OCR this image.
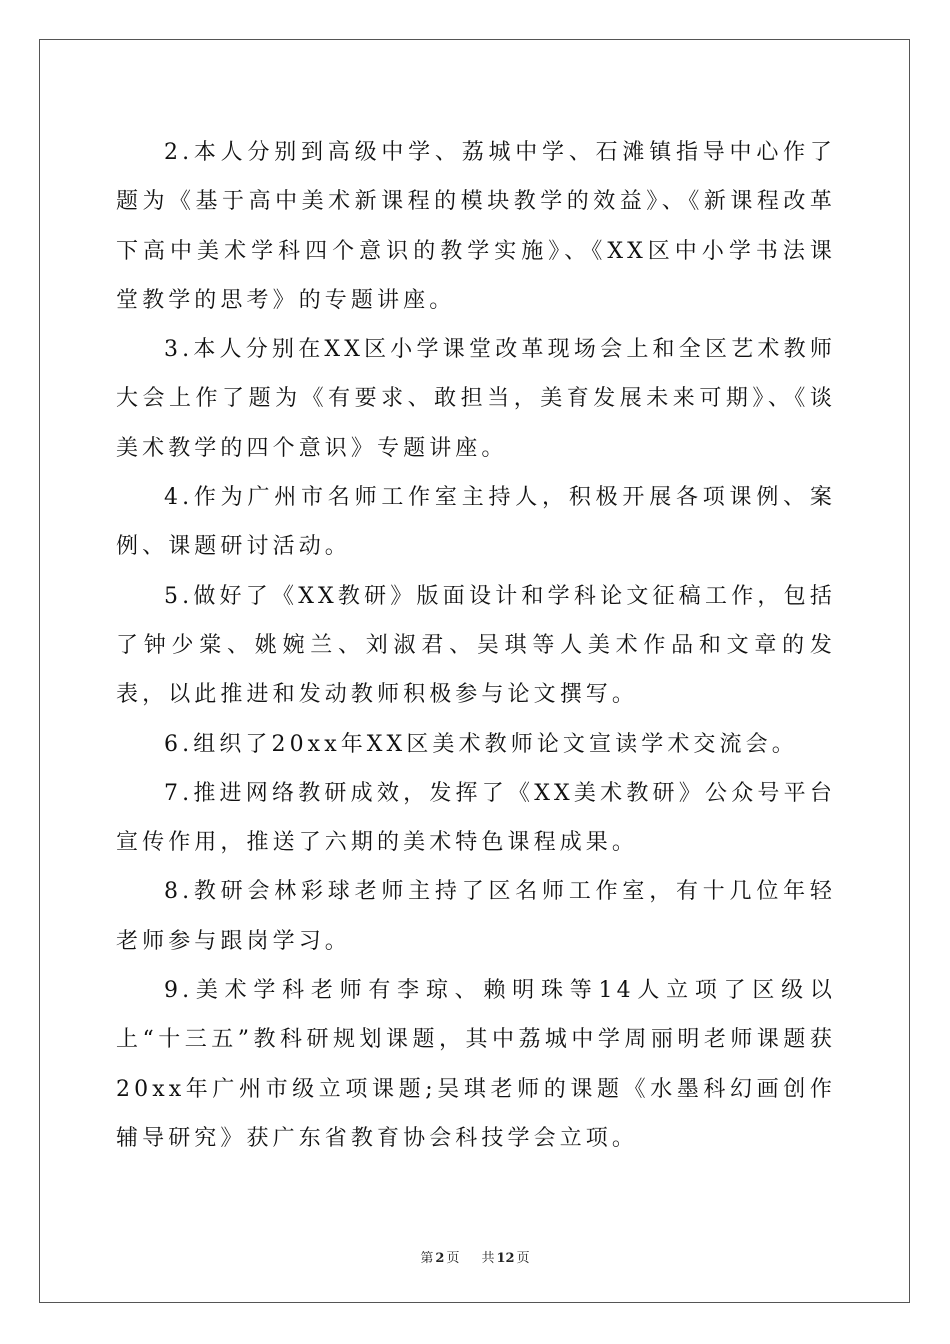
2.本人分别到高级中学、荔城中学、石滩镇指导中心作了题为《基于高中美术新课程的模块教学的效益》、《新课程改革下高中美术学科四个意识的教学实施》、《XX区中小学书法课堂教学的思考》的专题讲座。

3.本人分别在XX区小学课堂改革现场会上和全区艺术教师大会上作了题为《有要求、敢担当，美育发展未来可期》、《谈美术教学的四个意识》专题讲座。

4.作为广州市名师工作室主持人，积极开展各项课例、案例、课题研讨活动。

5.做好了《XX教研》版面设计和学科论文征稿工作，包括了钟少棠、姚婉兰、刘淑君、吴琪等人美术作品和文章的发表，以此推进和发动教师积极参与论文撰写。

6.组织了20xx年XX区美术教师论文宣读学术交流会。

7.推进网络教研成效，发挥了《XX美术教研》公众号平台宣传作用，推送了六期的美术特色课程成果。

8.教研会林彩球老师主持了区名师工作室，有十几位年轻老师参与跟岗学习。

9.美术学科老师有李琼、赖明珠等14人立项了区级以上“十三五”教科研规划课题，其中荔城中学周丽明老师课题获20xx年广州市级立项课题;吴琪老师的课题《水墨科幻画创作辅导研究》获广东省教育协会科技学会立项。

第 2 页 共 12 页
